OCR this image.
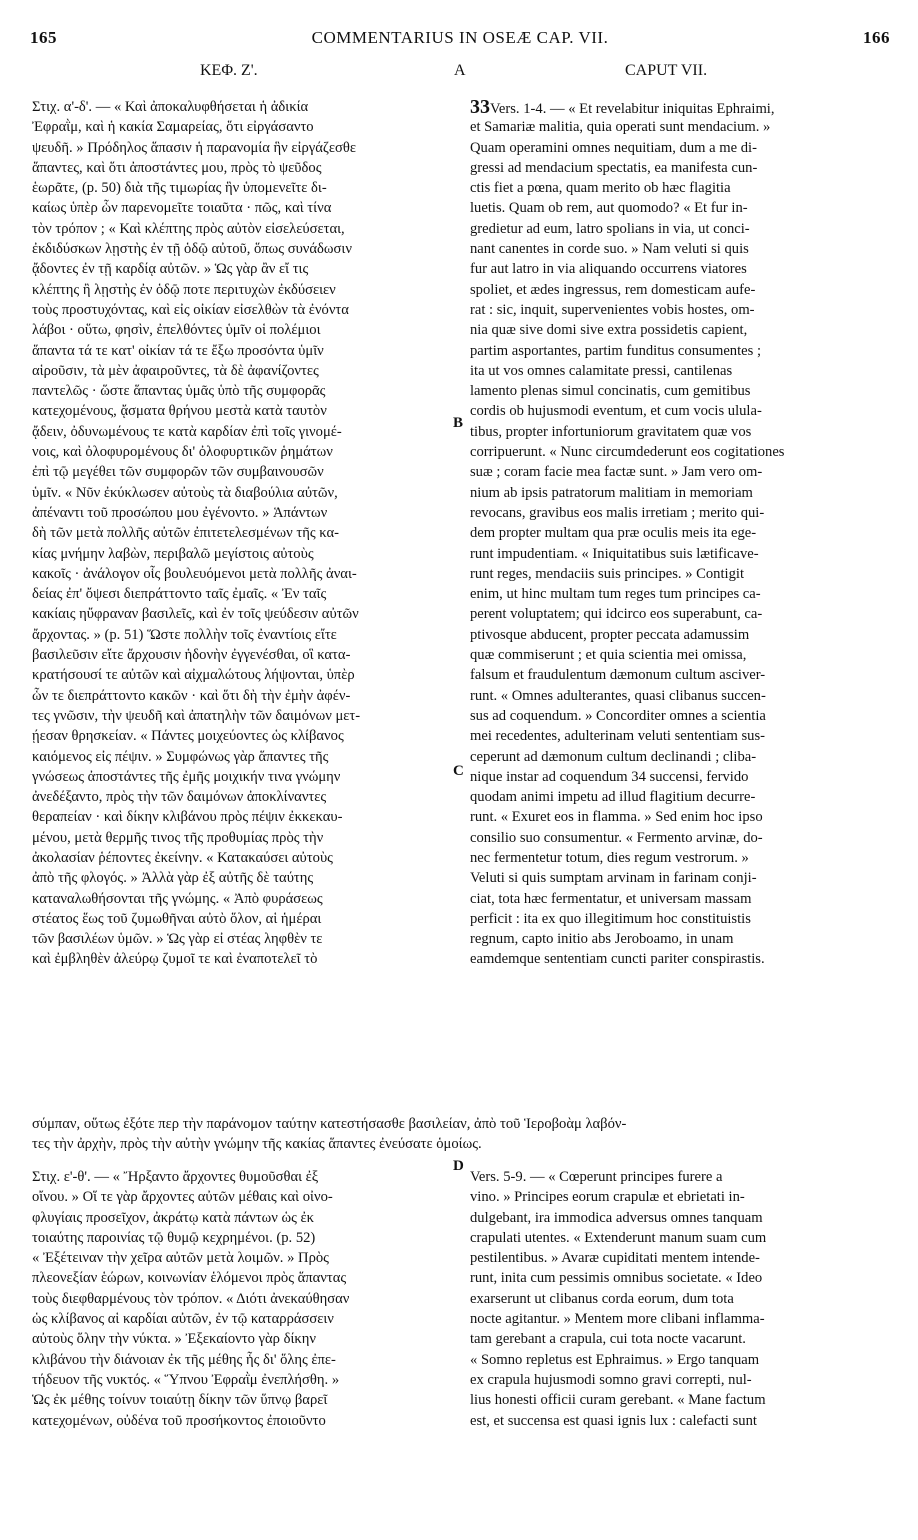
165	COMMENTARIUS IN OSEÆ CAP. VII.	166
ΚΕΦ. Ζ'.	A	CAPUT VII.
Στιχ. α'-δ'. — « Καὶ ἀποκαλυφθήσεται ἡ ἀδικία
Ἐφραῒμ, καὶ ἡ κακία Σαμαρείας, ὅτι εἰργάσαντο
ψευδῆ. » Πρόδηλος ἅπασιν ἡ παρανομία ἣν εἰργάζεσθε
ἅπαντες, καὶ ὅτι ἀποστάντες μου, πρὸς τὸ ψεῦδος
ἑωρᾶτε, (p. 50) διὰ τῆς τιμωρίας ἣν ὑπομενεῖτε δι-
καίως ὑπὲρ ὧν παρενομεῖτε τοιαῦτα · πῶς, καὶ τίνα
τὸν τρόπον ; « Καὶ κλέπτης πρὸς αὐτὸν εἰσελεύσεται,
ἐκδιδύσκων λῃστὴς ἐν τῇ ὁδῷ αὐτοῦ, ὅπως συνάδωσιν
ᾄδοντες ἐν τῇ καρδίᾳ αὐτῶν. » Ὡς γὰρ ἂν εἴ τις
κλέπτης ἢ λῃστὴς ἐν ὁδῷ ποτε περιτυχὼν ἐκδύσειεν
τοὺς προστυχόντας, καὶ εἰς οἰκίαν εἰσελθὼν τὰ ἐνόντα
λάβοι · οὕτω, φησὶν, ἐπελθόντες ὑμῖν οἱ πολέμιοι
ἅπαντα τά τε κατ' οἰκίαν τά τε ἔξω προσόντα ὑμῖν
αἱροῦσιν, τὰ μὲν ἀφαιροῦντες, τὰ δὲ ἀφανίζοντες
παντελῶς · ὥστε ἅπαντας ὑμᾶς ὑπὸ τῆς συμφορᾶς
κατεχομένους, ᾄσματα θρήνου μεστὰ κατὰ ταυτὸν
ᾄδειν, ὀδυνωμένους τε κατὰ καρδίαν ἐπὶ τοῖς γινομέ-
νοις, καὶ ὀλοφυρομένους δι' ὀλοφυρτικῶν ῥημάτων
ἐπὶ τῷ μεγέθει τῶν συμφορῶν τῶν συμβαινουσῶν
ὑμῖν. « Νῦν ἐκύκλωσεν αὐτοὺς τὰ διαβούλια αὐτῶν,
ἀπέναντι τοῦ προσώπου μου ἐγένοντο. » Ἁπάντων
δὴ τῶν μετὰ πολλῆς αὐτῶν ἐπιτετελεσμένων τῆς κα-
κίας μνήμην λαβὼν, περιβαλῶ μεγίστοις αὐτοὺς
κακοῖς · ἀνάλογον οἷς βουλευόμενοι μετὰ πολλῆς ἀναι-
δείας ἐπ' ὄψεσι διεπράττοντο ταῖς ἐμαῖς. « Ἐν ταῖς
κακίαις ηὔφραναν βασιλεῖς, καὶ ἐν τοῖς ψεύδεσιν αὐτῶν
ἄρχοντας. » (p. 51) Ὥστε πολλὴν τοῖς ἐναντίοις εἴτε
βασιλεῦσιν εἴτε ἄρχουσιν ἡδονὴν ἐγγενέσθαι, οἳ κατα-
κρατήσουσί τε αὐτῶν καὶ αἰχμαλώτους λήψονται, ὑπὲρ
ὧν τε διεπράττοντο κακῶν · καὶ ὅτι δὴ τὴν ἐμὴν ἀφέν-
τες γνῶσιν, τὴν ψευδῆ καὶ ἀπατηλὴν τῶν δαιμόνων μετ-
ῄεσαν θρησκείαν. « Πάντες μοιχεύοντες ὡς κλίβανος
καιόμενος εἰς πέψιν. » Συμφώνως γὰρ ἅπαντες τῆς
γνώσεως ἀποστάντες τῆς ἐμῆς μοιχικήν τινα γνώμην
ἀνεδέξαντο, πρὸς τὴν τῶν δαιμόνων ἀποκλίναντες
θεραπείαν · καὶ δίκην κλιβάνου πρὸς πέψιν ἐκκεκαυ-
μένου, μετὰ θερμῆς τινος τῆς προθυμίας πρὸς τὴν
ἀκολασίαν ῥέποντες ἐκείνην. « Κατακαύσει αὐτοὺς
ἀπὸ τῆς φλογός. » Ἀλλὰ γὰρ ἐξ αὐτῆς δὲ ταύτης
καταναλωθήσονται τῆς γνώμης. « Ἀπὸ φυράσεως
στέατος ἕως τοῦ ζυμωθῆναι αὐτὸ ὅλον, αἱ ἡμέραι
τῶν βασιλέων ὑμῶν. » Ὡς γὰρ εἰ στέας ληφθὲν τε
καὶ ἐμβληθὲν ἀλεύρῳ ζυμοῖ τε καὶ ἐναποτελεῖ τὸ
33Vers. 1-4. — « Et revelabitur iniquitas Ephraimi,
et Samariæ malitia, quia operati sunt mendacium. »
Quam operamini omnes nequitiam, dum a me di-
gressi ad mendacium spectatis, ea manifesta cun-
ctis fiet a pœna, quam merito ob hæc flagitia
luetis. Quam ob rem, aut quomodo? « Et fur in-
gredietur ad eum, latro spolians in via, ut conci-
nant canentes in corde suo. » Nam veluti si quis
fur aut latro in via aliquando occurrens viatores
spoliet, et ædes ingressus, rem domesticam aufe-
rat : sic, inquit, supervenientes vobis hostes, om-
nia quæ sive domi sive extra possidetis capient,
partim asportantes, partim funditus consumentes ;
ita ut vos omnes calamitate pressi, cantilenas
lamento plenas simul concinatis, cum gemitibus
cordis ob hujusmodi eventum, et cum vocis ulula-
tibus, propter infortuniorum gravitatem quæ vos
corripuerunt. « Nunc circumdederunt eos cogitationes
suæ ; coram facie mea factæ sunt. » Jam vero om-
nium ab ipsis patratorum malitiam in memoriam
revocans, gravibus eos malis irretiam ; merito qui-
dem propter multam qua præ oculis meis ita ege-
runt impudentiam. « Iniquitatibus suis lætificave-
runt reges, mendaciis suis principes. » Contigit
enim, ut hinc multam tum reges tum principes ca-
perent voluptatem; qui idcirco eos superabunt, ca-
ptivosque abducent, propter peccata adamussim
quæ commiserunt ; et quia scientia mei omissa,
falsum et fraudulentum dæmonum cultum asciver-
runt. « Omnes adulterantes, quasi clibanus succen-
sus ad coquendum. » Concorditer omnes a scientia
mei recedentes, adulterinam veluti sententiam sus-
ceperunt ad dæmonum cultum declinandi ; cliba-
nique instar ad coquendum 34 succensi, fervido
quodam animi impetu ad illud flagitium decurre-
runt. « Exuret eos in flamma. » Sed enim hoc ipso
consilio suo consumentur. « Fermento arvinæ, do-
nec fermentetur totum, dies regum vestrorum. »
Veluti si quis sumptam arvinam in farinam conji-
ciat, tota hæc fermentatur, et universam massam
perficit : ita ex quo illegitimum hoc constituistis
regnum, capto initio abs Jeroboamo, in unam
eamdemque sententiam cuncti pariter conspirastis.
B
C
D
σύμπαν, οὕτως ἐξότε περ τὴν παράνομον ταύτην κατεστήσασθε βασιλείαν, ἀπὸ τοῦ Ἱεροβοὰμ λαβόν-
τες τὴν ἀρχὴν, πρὸς τὴν αὐτὴν γνώμην τῆς κακίας ἅπαντες ἐνεύσατε ὁμοίως.
Στιχ. ε'-θ'. — « Ἤρξαντο ἄρχοντες θυμοῦσθαι ἐξ
οἴνου. » Οἵ τε γὰρ ἄρχοντες αὐτῶν μέθαις καὶ οἰνο-
φλυγίαις προσεῖχον, ἀκράτῳ κατὰ πάντων ὡς ἐκ
τοιαύτης παροινίας τῷ θυμῷ κεχρημένοι. (p. 52)
« Ἐξέτειναν τὴν χεῖρα αὐτῶν μετὰ λοιμῶν. » Πρὸς
πλεονεξίαν ἑώρων, κοινωνίαν ἑλόμενοι πρὸς ἅπαντας
τοὺς διεφθαρμένους τὸν τρόπον. « Διότι ἀνεκαύθησαν
ὡς κλίβανος αἱ καρδίαι αὐτῶν, ἐν τῷ καταρράσσειν
αὐτοὺς ὅλην τὴν νύκτα. » Ἐξεκαίοντο γὰρ δίκην
κλιβάνου τὴν διάνοιαν ἐκ τῆς μέθης ἧς δι' ὅλης ἐπε-
τήδευον τῆς νυκτός. « Ὕπνου Ἐφραῒμ ἐνεπλήσθη. »
Ὡς ἐκ μέθης τοίνυν τοιαύτῃ δίκην τῶν ὕπνῳ βαρεῖ
κατεχομένων, οὐδένα τοῦ προσήκοντος ἐποιοῦντο
Vers. 5-9. — « Cœperunt principes furere a
vino. » Principes eorum crapulæ et ebrietati in-
dulgebant, ira immodica adversus omnes tanquam
crapulati utentes. « Extenderunt manum suam cum
pestilentibus. » Avaræ cupiditati mentem intende-
runt, inita cum pessimis omnibus societate. « Ideo
exarserunt ut clibanus corda eorum, dum tota
nocte agitantur. » Mentem more clibani inflamma-
tam gerebant a crapula, cui tota nocte vacarunt.
« Somno repletus est Ephraimus. » Ergo tanquam
ex crapula hujusmodi somno gravi correpti, nul-
lius honesti officii curam gerebant. « Mane factum
est, et succensa est quasi ignis lux : calefacti sunt
